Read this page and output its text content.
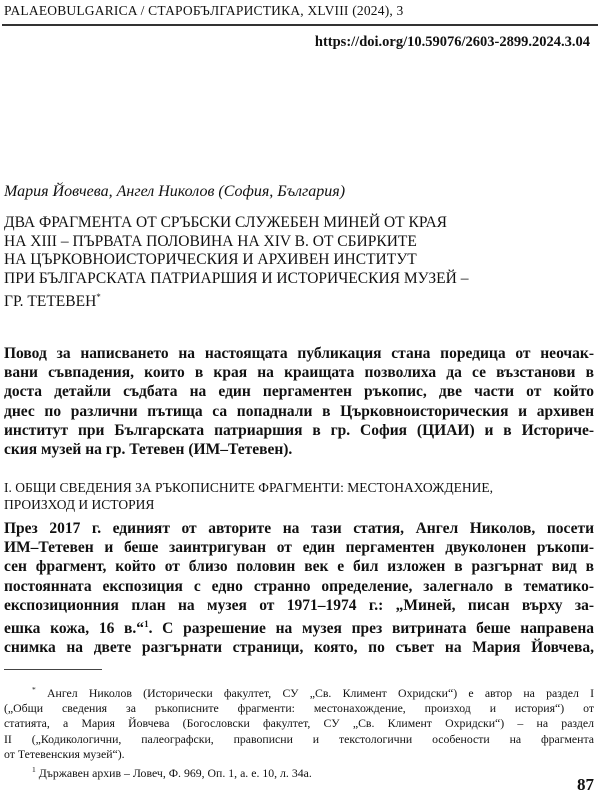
PALAEOBULGARICA / СТАРОБЪЛГАРИСТИКА, XLVIII (2024), 3
https://doi.org/10.59076/2603-2899.2024.3.04
Мария Йовчева, Ангел Николов (София, България)
ДВА ФРАГМЕНТА ОТ СРЪБСКИ СЛУЖЕБЕН МИНЕЙ ОТ КРАЯ
НА XIII – ПЪРВАТА ПОЛОВИНА НА XIV В. ОТ СБИРКИТЕ
НА ЦЪРКОВНОИСТОРИЧЕСКИЯ И АРХИВЕН ИНСТИТУТ
ПРИ БЪЛГАРСКАТА ПАТРИАРШИЯ И ИСТОРИЧЕСКИЯ МУЗЕЙ –
ГР. ТЕТЕВЕН*
Повод за написването на настоящата публикация стана поредица от неочак-
вани съвпадения, които в края на краищата позволиха да се възстанови в
доста детайли съдбата на един пергаментен ръкопис, две части от който
днес по различни пътища са попаднали в Църковноисторическия и архивен
институт при Българската патриаршия в гр. София (ЦИАИ) и в Историче-
ския музей на гр. Тетевен (ИМ–Тетевен).
I. ОБЩИ СВЕДЕНИЯ ЗА РЪКОПИСНИТЕ ФРАГМЕНТИ: МЕСТОНАХОЖДЕНИЕ,
ПРОИЗХОД И ИСТОРИЯ
През 2017 г. единият от авторите на тази статия, Ангел Николов, посети
ИМ–Тетевен и беше заинтригуван от един пергаментен двуколонен ръкопи-
сен фрагмент, който от близо половин век е бил изложен в разгърнат вид в
постоянната експозиция с едно странно определение, залегнало в тематико-
експозиционния план на музея от 1971–1974 г.: „Миней, писан върху за-
ешка кожа, 16 в.“$^1$. С разрешение на музея през витрината беше направена
снимка на двете разгърнати страници, която, по съвет на Мария Йовчева,
* Ангел Николов (Исторически факултет, СУ „Св. Климент Охридски“) е автор на раздел I
(„Общи сведения за ръкописните фрагменти: местонахождение, произход и история“) от
статията, а Мария Йовчева (Богословски факултет, СУ „Св. Климент Охридски“) – на раздел
II („Кодикологични, палеографски, правописни и текстологични особености на фрагмента
от Тетевенския музей“).
$^1$ Държавен архив – Ловеч, Ф. 969, Оп. 1, а. е. 10, л. 34а.
87
